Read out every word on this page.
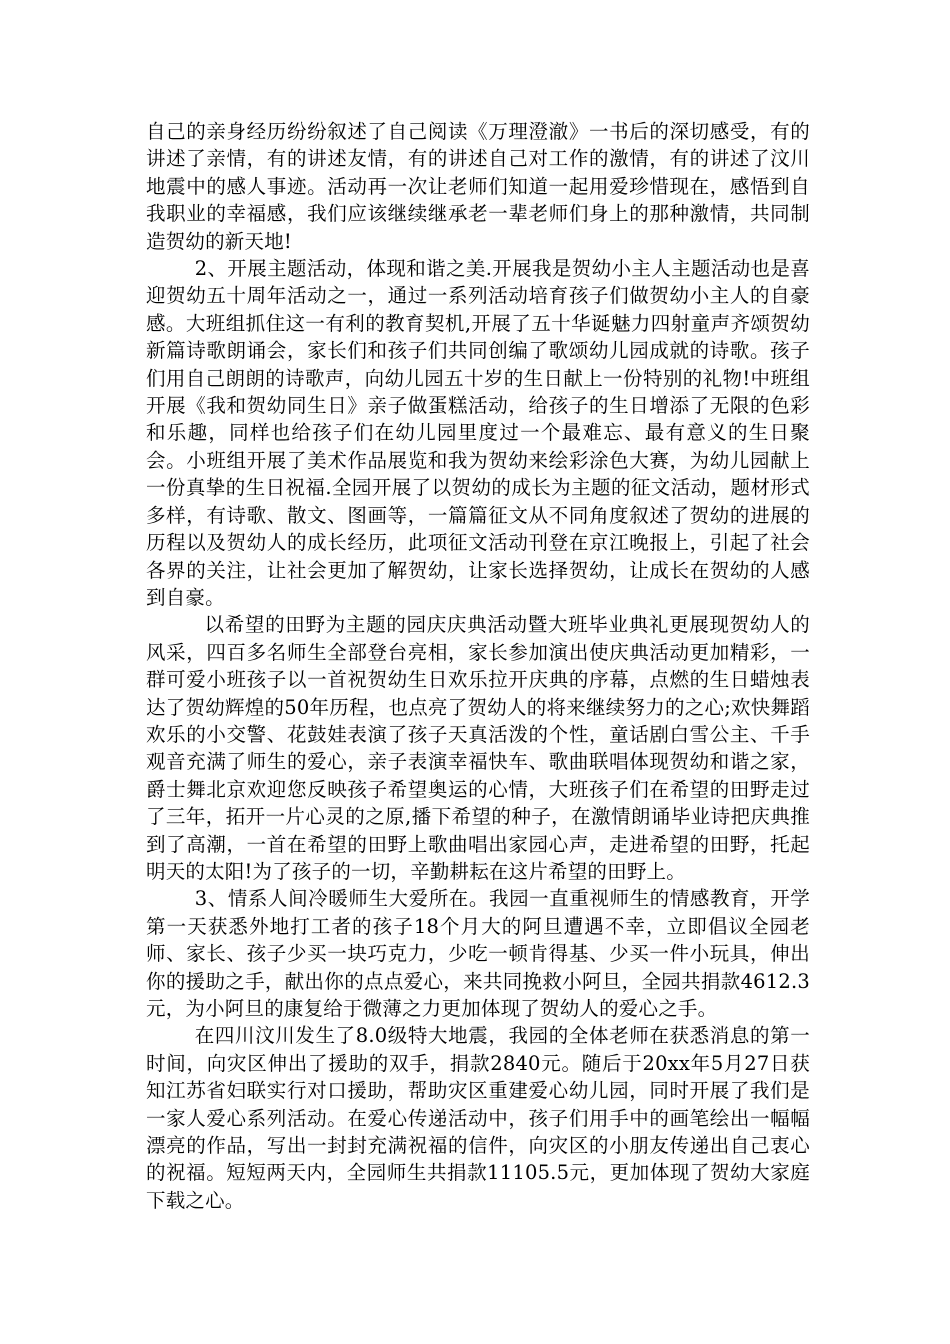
自己的亲身经历纷纷叙述了自己阅读《万理澄澈》一书后的深切感受，有的讲述了亲情，有的讲述友情，有的讲述自己对工作的激情，有的讲述了汶川地震中的感人事迹。活动再一次让老师们知道一起用爱珍惜现在，感悟到自我职业的幸福感，我们应该继续继承老一辈老师们身上的那种激情，共同制造贺幼的新天地!

2、开展主题活动，体现和谐之美.开展我是贺幼小主人主题活动也是喜迎贺幼五十周年活动之一，通过一系列活动培育孩子们做贺幼小主人的自豪感。大班组抓住这一有利的教育契机,开展了五十华诞魅力四射童声齐颂贺幼新篇诗歌朗诵会，家长们和孩子们共同创编了歌颂幼儿园成就的诗歌。孩子们用自己朗朗的诗歌声，向幼儿园五十岁的生日献上一份特别的礼物!中班组开展《我和贺幼同生日》亲子做蛋糕活动，给孩子的生日增添了无限的色彩和乐趣，同样也给孩子们在幼儿园里度过一个最难忘、最有意义的生日聚会。小班组开展了美术作品展览和我为贺幼来绘彩涂色大赛，为幼儿园献上一份真挚的生日祝福.全园开展了以贺幼的成长为主题的征文活动，题材形式多样，有诗歌、散文、图画等，一篇篇征文从不同角度叙述了贺幼的进展的历程以及贺幼人的成长经历，此项征文活动刊登在京江晚报上，引起了社会各界的关注，让社会更加了解贺幼，让家长选择贺幼，让成长在贺幼的人感到自豪。

以希望的田野为主题的园庆庆典活动暨大班毕业典礼更展现贺幼人的风采，四百多名师生全部登台亮相，家长参加演出使庆典活动更加精彩，一群可爱小班孩子以一首祝贺幼生日欢乐拉开庆典的序幕，点燃的生日蜡烛表达了贺幼辉煌的50年历程，也点亮了贺幼人的将来继续努力的之心;欢快舞蹈欢乐的小交警、花鼓娃表演了孩子天真活泼的个性，童话剧白雪公主、千手观音充满了师生的爱心，亲子表演幸福快车、歌曲联唱体现贺幼和谐之家，爵士舞北京欢迎您反映孩子希望奥运的心情，大班孩子们在希望的田野走过了三年，拓开一片心灵的之原,播下希望的种子，在激情朗诵毕业诗把庆典推到了高潮，一首在希望的田野上歌曲唱出家园心声，走进希望的田野，托起明天的太阳!为了孩子的一切，辛勤耕耘在这片希望的田野上。

3、情系人间冷暖师生大爱所在。我园一直重视师生的情感教育，开学第一天获悉外地打工者的孩子18个月大的阿旦遭遇不幸，立即倡议全园老师、家长、孩子少买一块巧克力，少吃一顿肯得基、少买一件小玩具，伸出你的援助之手，献出你的点点爱心，来共同挽救小阿旦，全园共捐款4612.3元，为小阿旦的康复给于微薄之力更加体现了贺幼人的爱心之手。

在四川汶川发生了8.0级特大地震，我园的全体老师在获悉消息的第一时间，向灾区伸出了援助的双手，捐款2840元。随后于20xx年5月27日获知江苏省妇联实行对口援助，帮助灾区重建爱心幼儿园，同时开展了我们是一家人爱心系列活动。在爱心传递活动中，孩子们用手中的画笔绘出一幅幅漂亮的作品，写出一封封充满祝福的信件，向灾区的小朋友传递出自己衷心的祝福。短短两天内，全园师生共捐款11105.5元，更加体现了贺幼大家庭下载之心。
